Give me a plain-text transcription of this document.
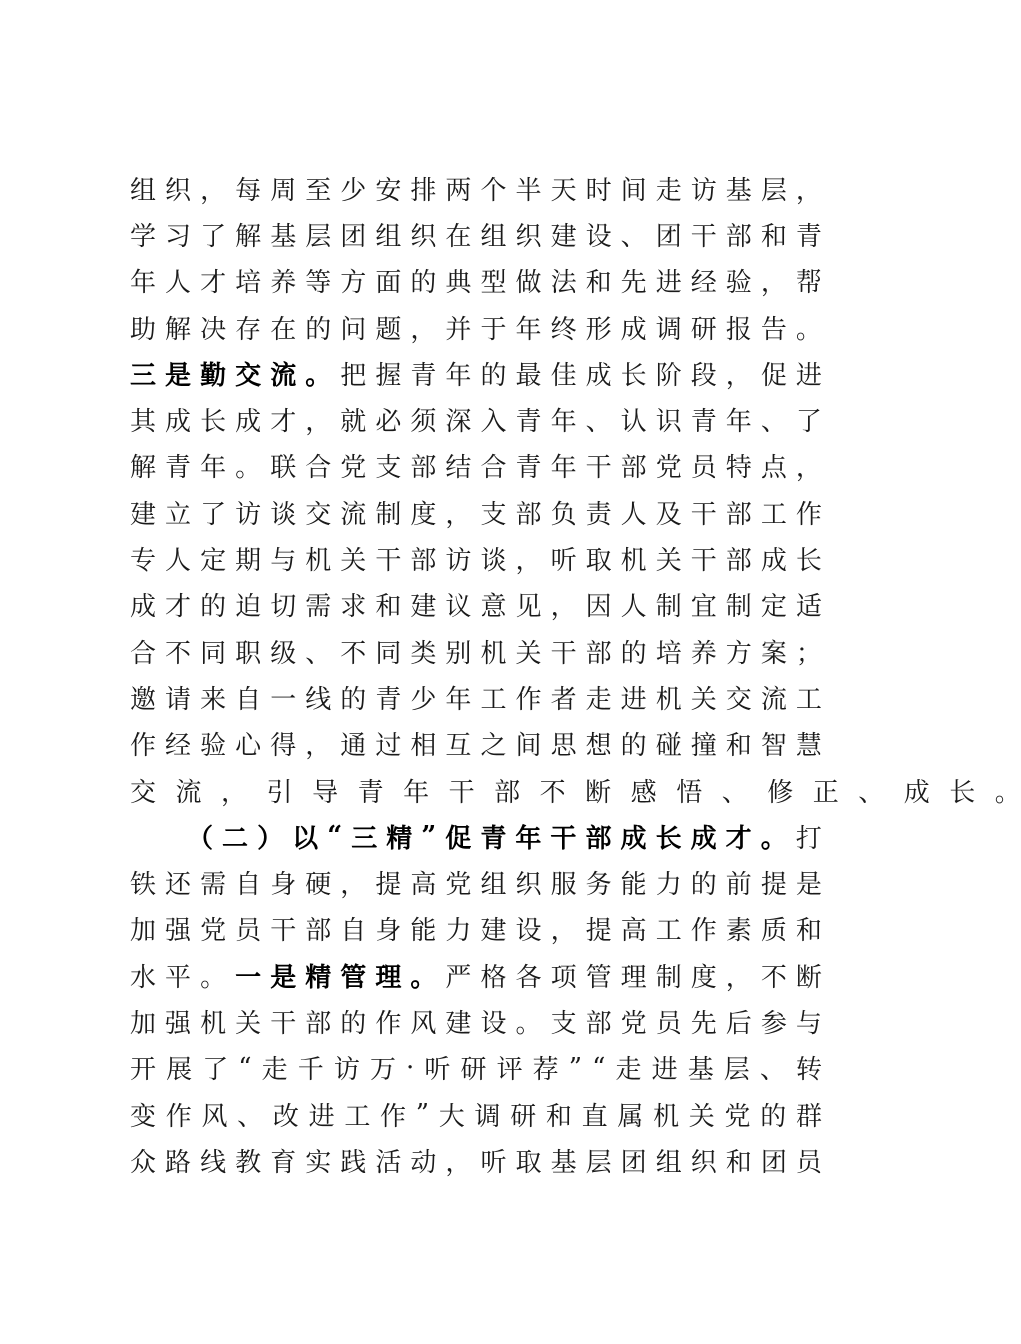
组 织 ， 每 周 至 少 安 排 两 个 半 天 时 间 走 访 基 层 ，
学 习 了 解 基 层 团 组 织 在 组 织 建 设 、 团 干 部 和 青
年 人 才 培 养 等 方 面 的 典 型 做 法 和 先 进 经 验 ， 帮
助 解 决 存 在 的 问 题 ， 并 于 年 终 形 成 调 研 报 告 。
三 是 勤 交 流 。 把 握 青 年 的 最 佳 成 长 阶 段 ， 促 进
其 成 长 成 才 ， 就 必 须 深 入 青 年 、 认 识 青 年 、 了
解 青 年 。 联 合 党 支 部 结 合 青 年 干 部 党 员 特 点 ，
建 立 了 访 谈 交 流 制 度 ， 支 部 负 责 人 及 干 部 工 作
专 人 定 期 与 机 关 干 部 访 谈 ， 听 取 机 关 干 部 成 长
成 才 的 迫 切 需 求 和 建 议 意 见 ， 因 人 制 宜 制 定 适
合 不 同 职 级 、 不 同 类 别 机 关 干 部 的 培 养 方 案 ；
邀 请 来 自 一 线 的 青 少 年 工 作 者 走 进 机 关 交 流 工
作 经 验 心 得 ， 通 过 相 互 之 间 思 想 的 碰 撞 和 智 慧
交 流 ， 引 导 青 年 干 部 不 断 感 悟 、 修 正 、 成 长 。
（ 二 ） 以 “ 三 精 ” 促 青 年 干 部 成 长 成 才 。 打
铁 还 需 自 身 硬 ， 提 高 党 组 织 服 务 能 力 的 前 提 是
加 强 党 员 干 部 自 身 能 力 建 设 ， 提 高 工 作 素 质 和
水 平 。 一 是 精 管 理 。 严 格 各 项 管 理 制 度 ， 不 断
加 强 机 关 干 部 的 作 风 建 设 。 支 部 党 员 先 后 参 与
开 展 了 “ 走 千 访 万 · 听 研 评 荐 ” “ 走 进 基 层 、 转
变 作 风 、 改 进 工 作 ” 大 调 研 和 直 属 机 关 党 的 群
众 路 线 教 育 实 践 活 动 ， 听 取 基 层 团 组 织 和 团 员
